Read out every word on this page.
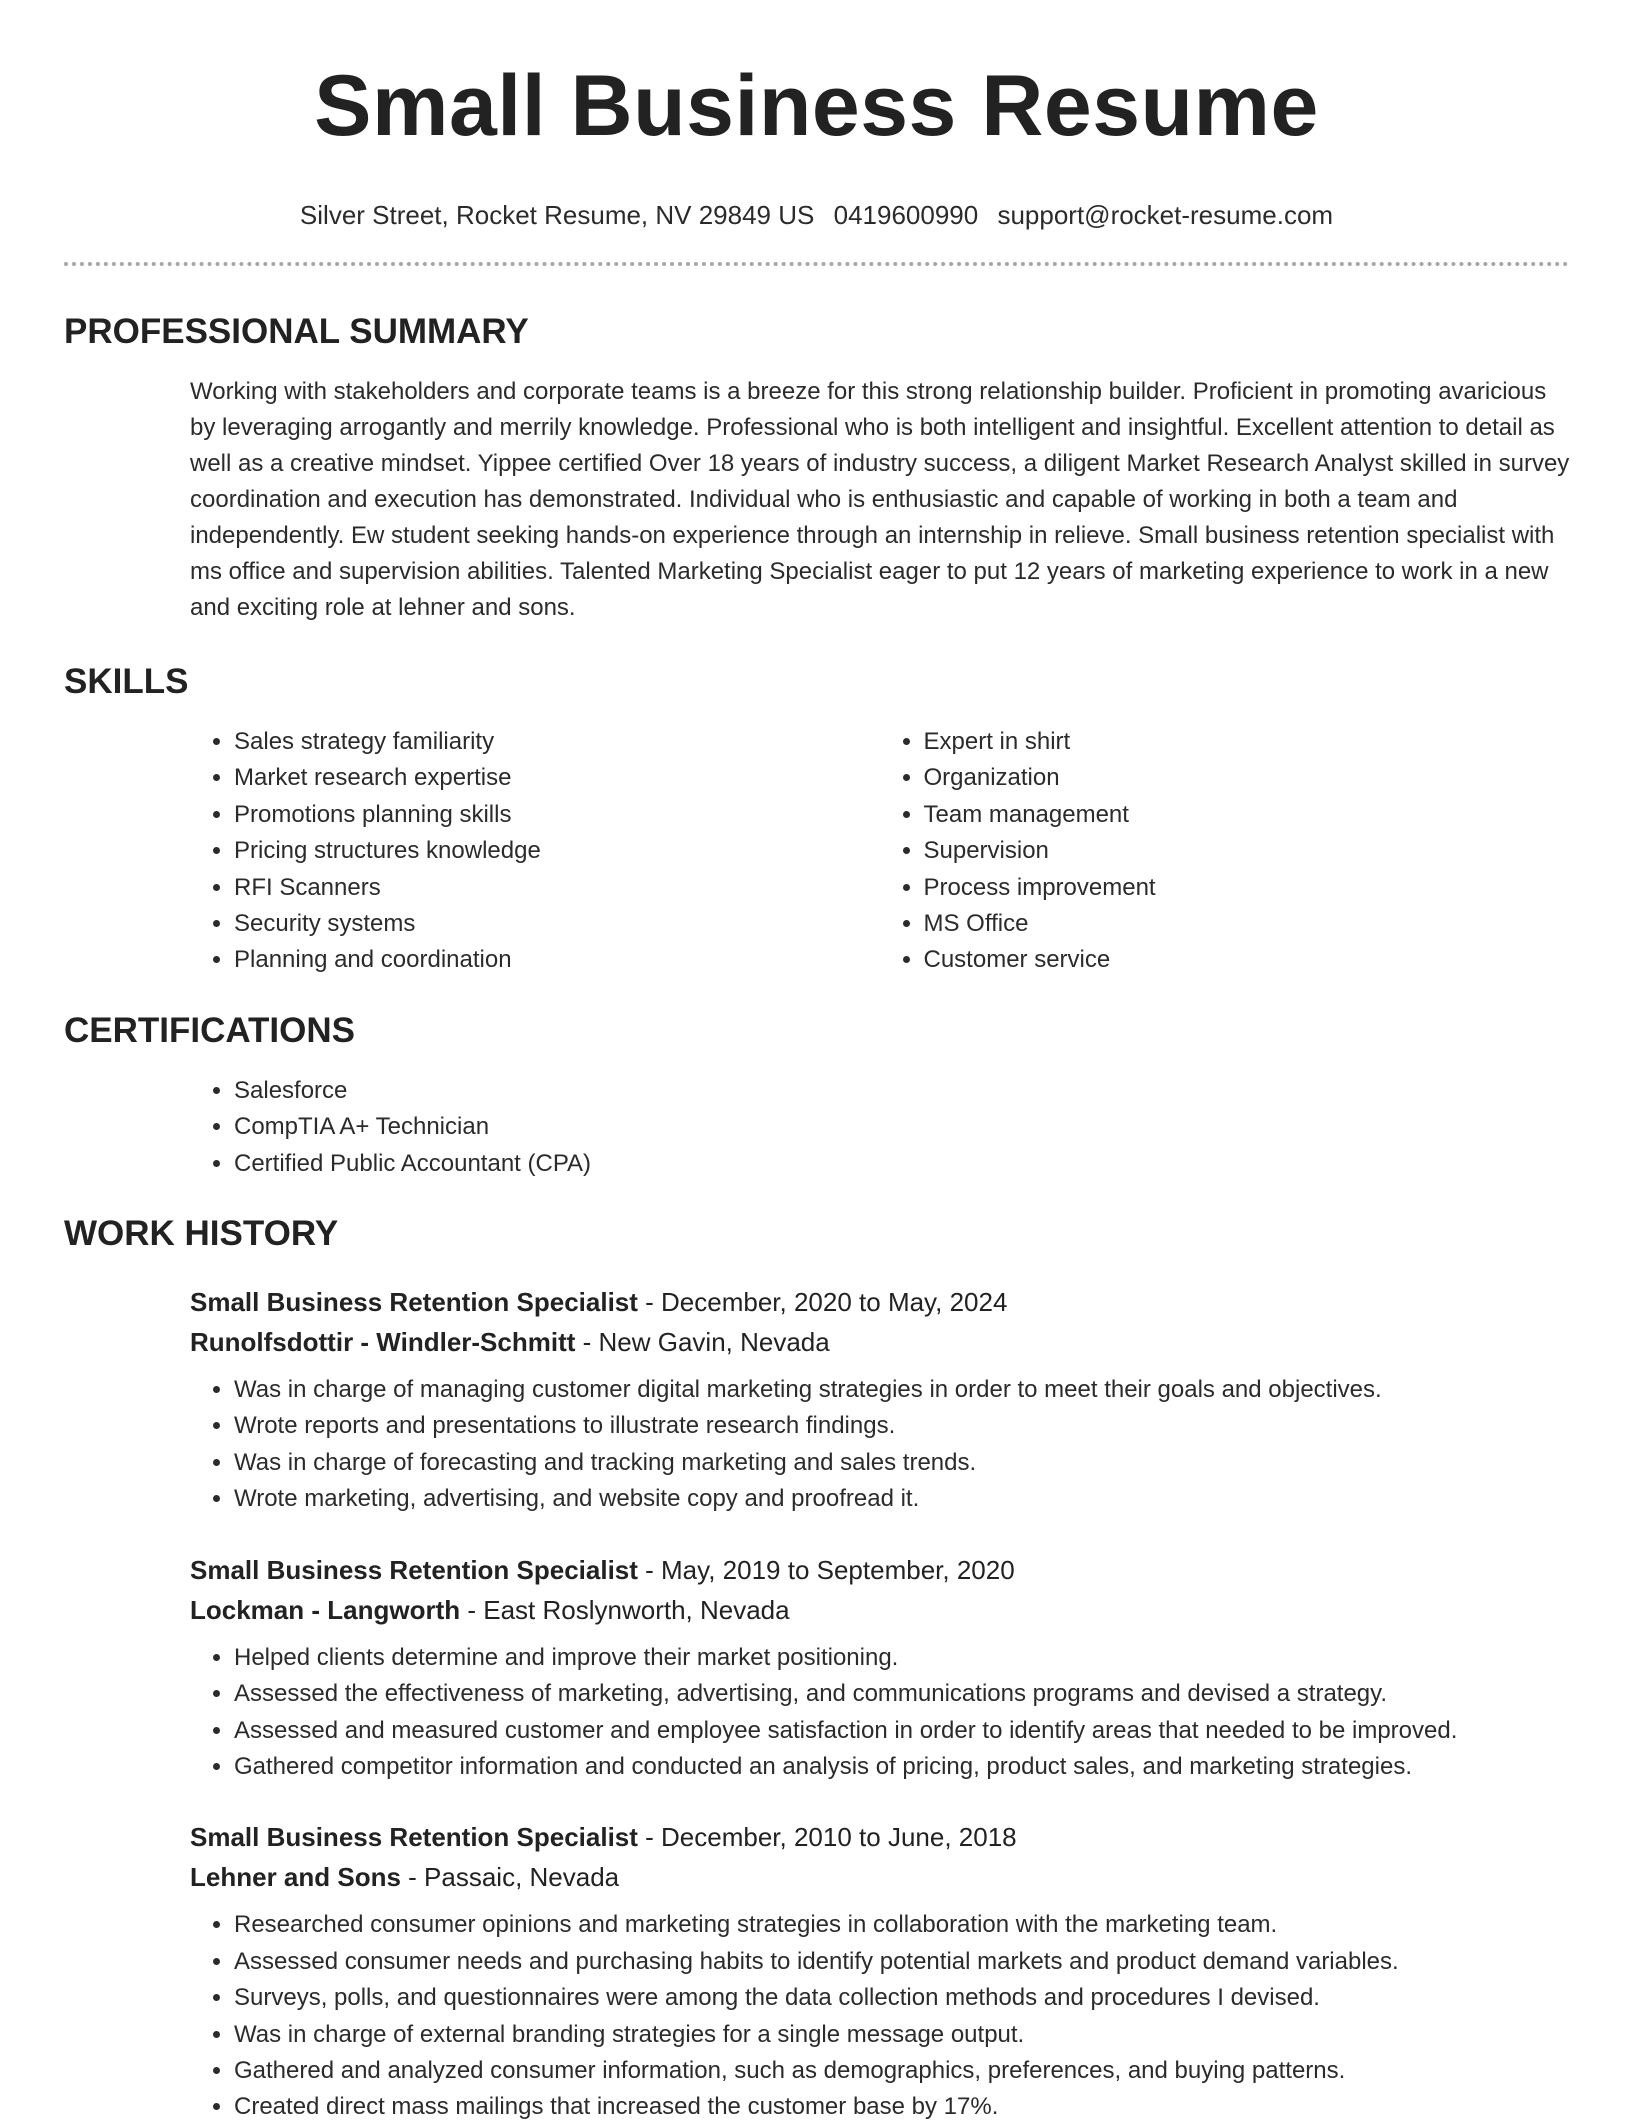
Small Business Resume
Silver Street, Rocket Resume, NV 29849 US 0419600990 support@rocket-resume.com
PROFESSIONAL SUMMARY

Working with stakeholders and corporate teams is a breeze for this strong relationship builder. Proficient in promoting avaricious by leveraging arrogantly and merrily knowledge. Professional who is both intelligent and insightful. Excellent attention to detail as well as a creative mindset. Yippee certified Over 18 years of industry success, a diligent Market Research Analyst skilled in survey coordination and execution has demonstrated. Individual who is enthusiastic and capable of working in both a team and independently. Ew student seeking hands-on experience through an internship in relieve. Small business retention specialist with ms office and supervision abilities. Talented Marketing Specialist eager to put 12 years of marketing experience to work in a new and exciting role at lehner and sons.

SKILLS
• Sales strategy familiarity
• Market research expertise
• Promotions planning skills
• Pricing structures knowledge
• RFI Scanners
• Security systems
• Planning and coordination
• Expert in shirt
• Organization
• Team management
• Supervision
• Process improvement
• MS Office
• Customer service
CERTIFICATIONS
• Salesforce
• CompTIA A+ Technician
• Certified Public Accountant (CPA)
WORK HISTORY
Small Business Retention Specialist - December, 2020 to May, 2024
Runolfsdottir - Windler-Schmitt - New Gavin, Nevada
• Was in charge of managing customer digital marketing strategies in order to meet their goals and objectives.
• Wrote reports and presentations to illustrate research findings.
• Was in charge of forecasting and tracking marketing and sales trends.
• Wrote marketing, advertising, and website copy and proofread it.
Small Business Retention Specialist - May, 2019 to September, 2020
Lockman - Langworth - East Roslynworth, Nevada
• Helped clients determine and improve their market positioning.
• Assessed the effectiveness of marketing, advertising, and communications programs and devised a strategy.
• Assessed and measured customer and employee satisfaction in order to identify areas that needed to be improved.
• Gathered competitor information and conducted an analysis of pricing, product sales, and marketing strategies.
Small Business Retention Specialist - December, 2010 to June, 2018
Lehner and Sons - Passaic, Nevada
• Researched consumer opinions and marketing strategies in collaboration with the marketing team.
• Assessed consumer needs and purchasing habits to identify potential markets and product demand variables.
• Surveys, polls, and questionnaires were among the data collection methods and procedures I devised.
• Was in charge of external branding strategies for a single message output.
• Gathered and analyzed consumer information, such as demographics, preferences, and buying patterns.
• Created direct mass mailings that increased the customer base by 17%.
